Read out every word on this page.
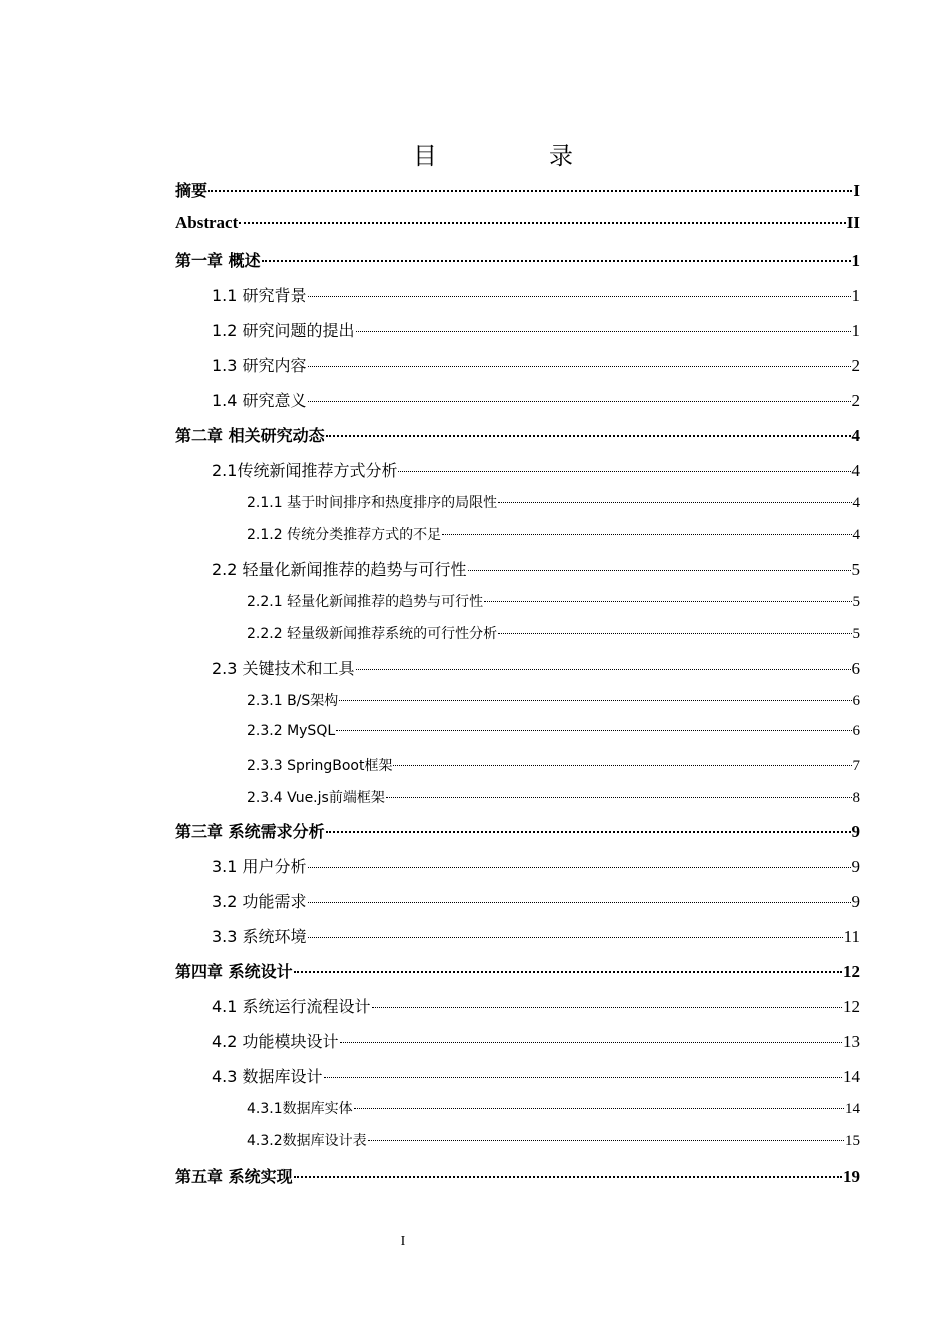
目　录
摘要	I
Abstract	II
第一章 概述	1
1.1 研究背景	1
1.2 研究问题的提出	1
1.3 研究内容	2
1.4 研究意义	2
第二章 相关研究动态	4
2.1传统新闻推荐方式分析	4
2.1.1 基于时间排序和热度排序的局限性	4
2.1.2 传统分类推荐方式的不足	4
2.2 轻量化新闻推荐的趋势与可行性	5
2.2.1 轻量化新闻推荐的趋势与可行性	5
2.2.2 轻量级新闻推荐系统的可行性分析	5
2.3 关键技术和工具	6
2.3.1 B/S架构	6
2.3.2 MySQL	6
2.3.3 SpringBoot框架	7
2.3.4 Vue.js前端框架	8
第三章 系统需求分析	9
3.1 用户分析	9
3.2 功能需求	9
3.3 系统环境	11
第四章 系统设计	12
4.1 系统运行流程设计	12
4.2 功能模块设计	13
4.3 数据库设计	14
4.3.1数据库实体	14
4.3.2数据库设计表	15
第五章 系统实现	19
I
